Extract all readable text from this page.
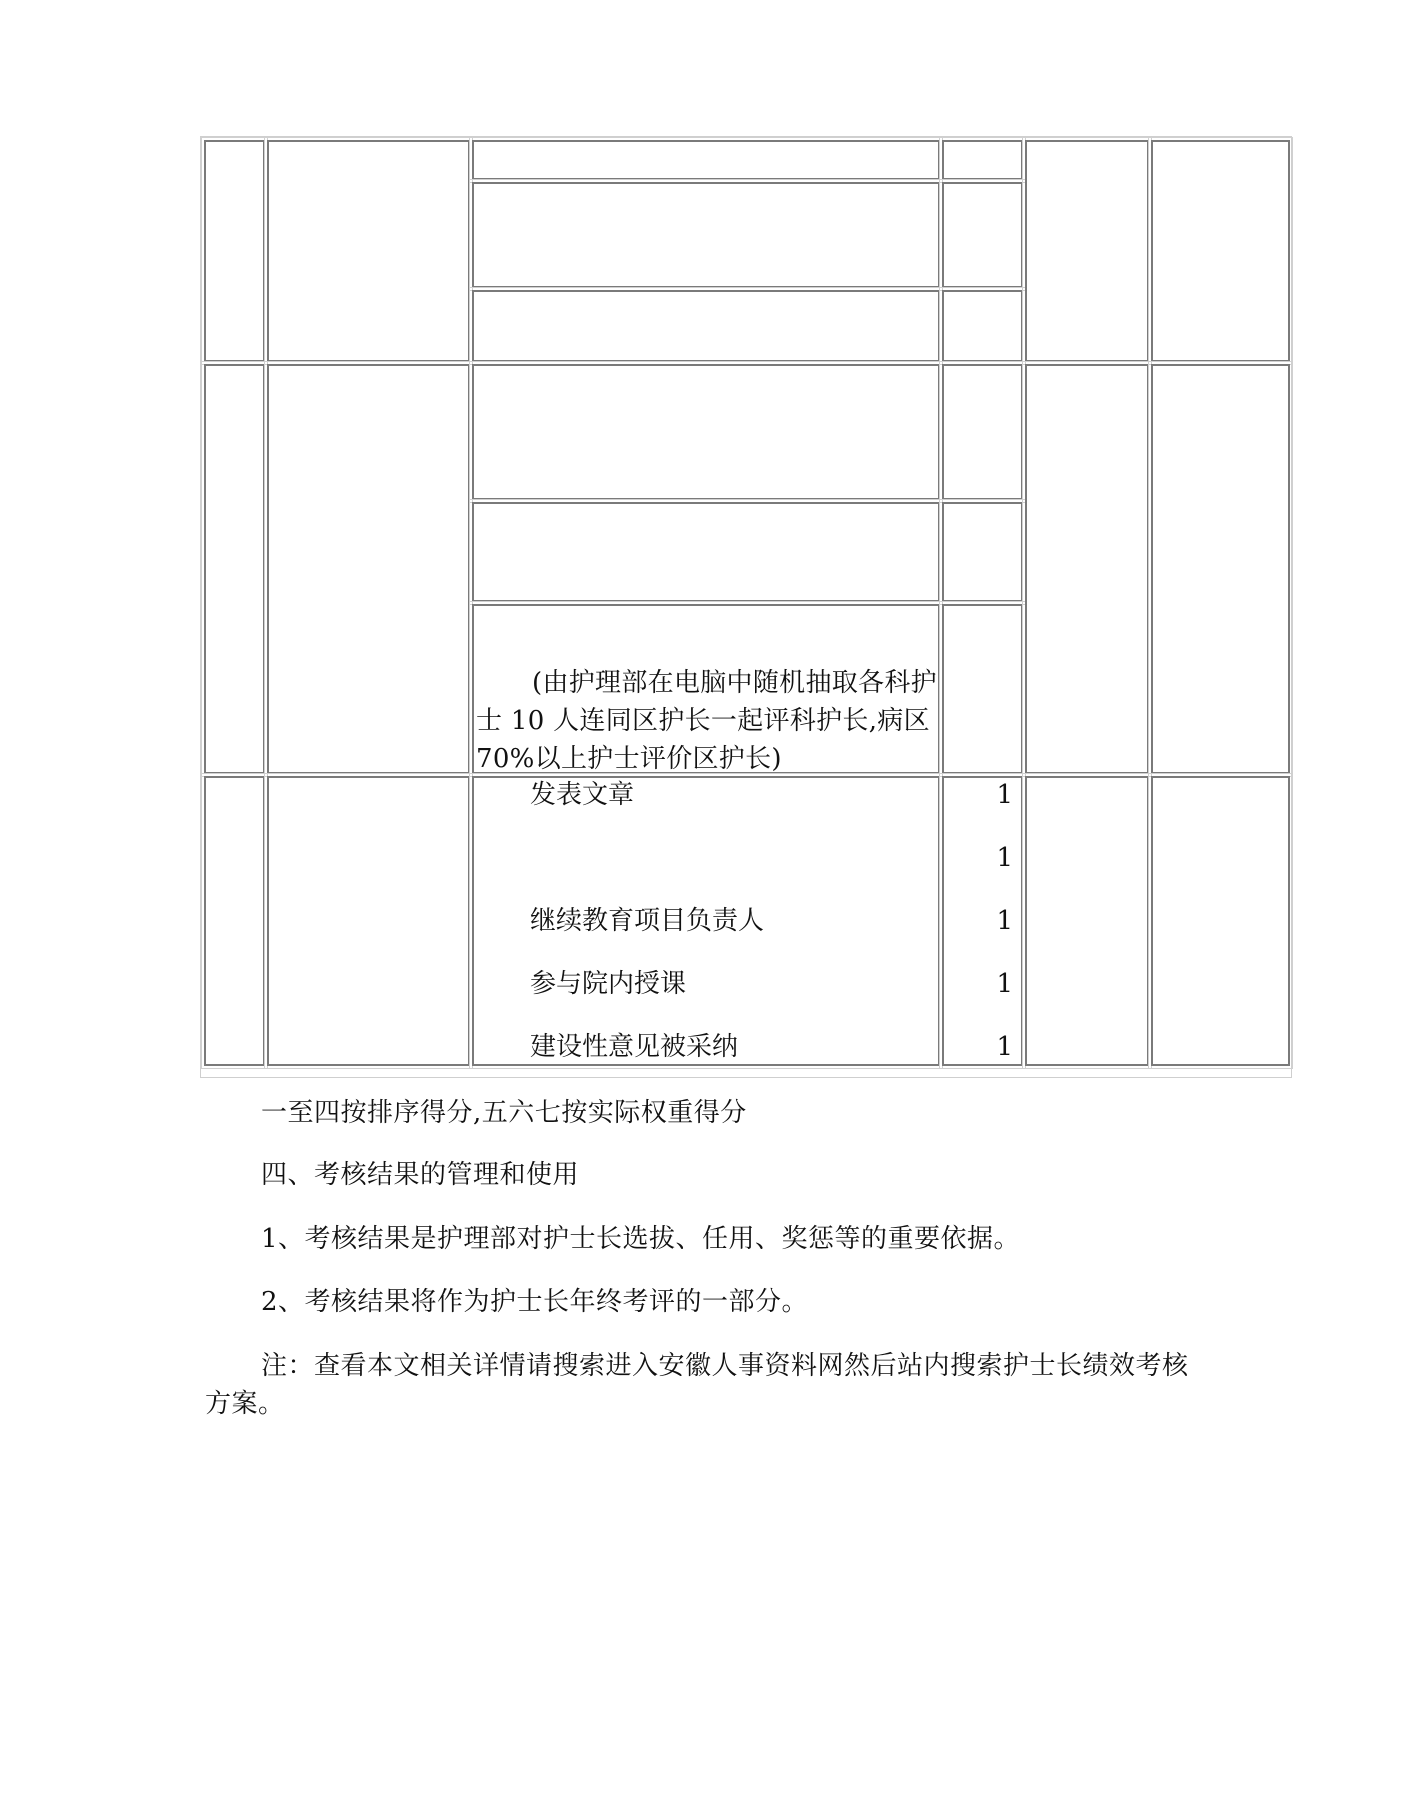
(由护理部在电脑中随机抽取各科护士 10 人连同区护长一起评科护长,病区 70%以上护士评价区护长)
发表文章
继续教育项目负责人
参与院内授课
建设性意见被采纳
1
1
1
1
1
一至四按排序得分,五六七按实际权重得分
四、考核结果的管理和使用
1、考核结果是护理部对护士长选拔、任用、奖惩等的重要依据。
2、考核结果将作为护士长年终考评的一部分。
注：查看本文相关详情请搜索进入安徽人事资料网然后站内搜索护士长绩效考核方案。
